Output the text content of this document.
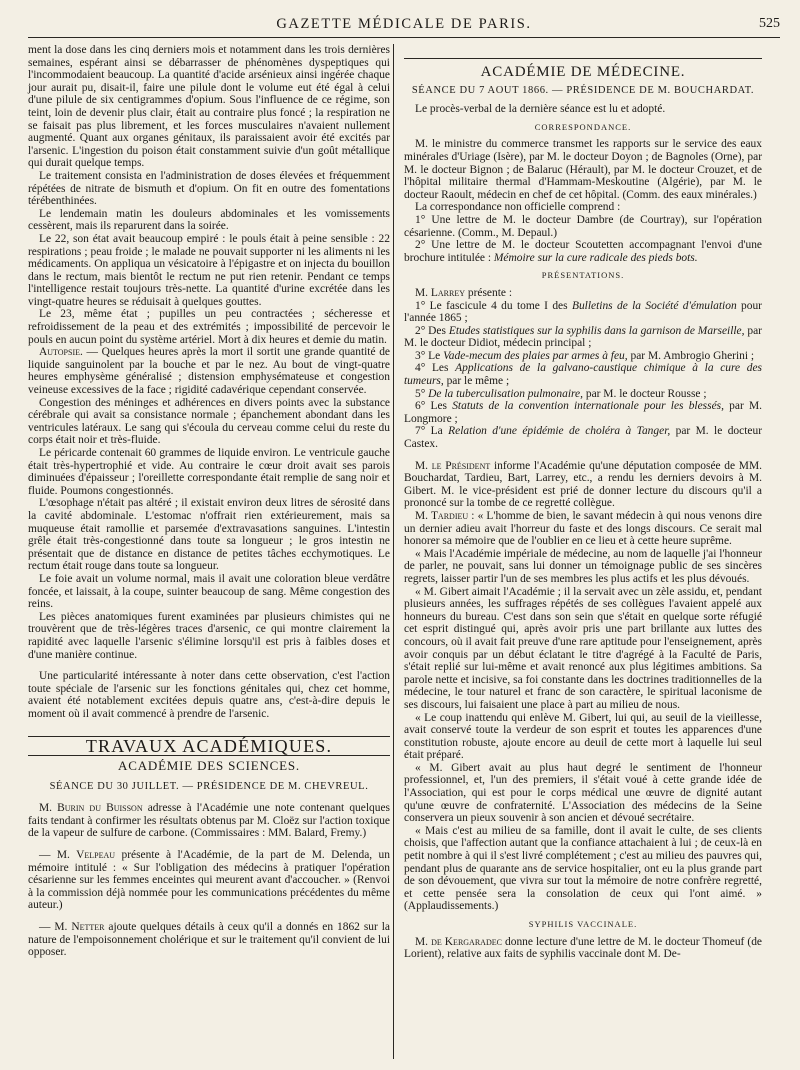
GAZETTE MÉDICALE DE PARIS.	525

ment la dose dans les cinq derniers mois et notamment dans les trois dernières semaines, espérant ainsi se débarrasser de phénomènes dyspeptiques qui l'incommodaient beaucoup. La quantité d'acide arsénieux ainsi ingérée chaque jour aurait pu, disait-il, faire une pilule dont le volume eut été égal à celui d'une pilule de six centigrammes d'opium. Sous l'influence de ce régime, son teint, loin de devenir plus clair, était au contraire plus foncé ; la respiration ne se faisait pas plus librement, et les forces musculaires n'avaient nullement augmenté. Quant aux organes génitaux, ils paraissaient avoir été excités par l'arsenic. L'ingestion du poison était constamment suivie d'un goût métallique qui durait quelque temps.

Le traitement consista en l'administration de doses élevées et fréquemment répétées de nitrate de bismuth et d'opium. On fit en outre des fomentations térébenthinées.

Le lendemain matin les douleurs abdominales et les vomissements cessèrent, mais ils reparurent dans la soirée.

Le 22, son état avait beaucoup empiré : le pouls était à peine sensible : 22 respirations ; peau froide ; le malade ne pouvait supporter ni les aliments ni les médicaments. On appliqua un vésicatoire à l'épigastre et on injecta du bouillon dans le rectum, mais bientôt le rectum ne put rien retenir. Pendant ce temps l'intelligence restait toujours très-nette. La quantité d'urine excrétée dans les vingt-quatre heures se réduisait à quelques gouttes.

Le 23, même état ; pupilles un peu contractées ; sécheresse et refroidissement de la peau et des extrémités ; impossibilité de percevoir le pouls en aucun point du système artériel. Mort à dix heures et demie du matin.

Autopsie. — Quelques heures après la mort il sortit une grande quantité de liquide sanguinolent par la bouche et par le nez. Au bout de vingt-quatre heures emphysème généralisé ; distension emphysémateuse et congestion veineuse excessives de la face ; rigidité cadavérique cependant conservée.

Congestion des méninges et adhérences en divers points avec la substance cérébrale qui avait sa consistance normale ; épanchement abondant dans les ventricules latéraux. Le sang qui s'écoula du cerveau comme celui du reste du corps était noir et très-fluide.

Le péricarde contenait 60 grammes de liquide environ. Le ventricule gauche était très-hypertrophié et vide. Au contraire le cœur droit avait ses parois diminuées d'épaisseur ; l'oreillette correspondante était remplie de sang noir et fluide. Poumons congestionnés.

L'œsophage n'était pas altéré ; il existait environ deux litres de sérosité dans la cavité abdominale. L'estomac n'offrait rien extérieurement, mais sa muqueuse était ramollie et parsemée d'extravasations sanguines. L'intestin grêle était très-congestionné dans toute sa longueur ; le gros intestin ne présentait que de distance en distance de petites tâches ecchymotiques. Le rectum était rouge dans toute sa longueur.

Le foie avait un volume normal, mais il avait une coloration bleue verdâtre foncée, et laissait, à la coupe, suinter beaucoup de sang. Même congestion des reins.

Les pièces anatomiques furent examinées par plusieurs chimistes qui ne trouvèrent que de très-légères traces d'arsenic, ce qui montre clairement la rapidité avec laquelle l'arsenic s'élimine lorsqu'il est pris à faibles doses et d'une manière continue.

Une particularité intéressante à noter dans cette observation, c'est l'action toute spéciale de l'arsenic sur les fonctions génitales qui, chez cet homme, avaient été notablement excitées depuis quatre ans, c'est-à-dire depuis le moment où il avait commencé à prendre de l'arsenic.

TRAVAUX ACADÉMIQUES.
ACADÉMIE DES SCIENCES.
SÉANCE DU 30 JUILLET. — PRÉSIDENCE DE M. CHEVREUL.

M. Burin du Buisson adresse à l'Académie une note contenant quelques faits tendant à confirmer les résultats obtenus par M. Cloëz sur l'action toxique de la vapeur de sulfure de carbone. (Commissaires : MM. Balard, Fremy.)

— M. Velpeau présente à l'Académie, de la part de M. Delenda, un mémoire intitulé : « Sur l'obligation des médecins à pratiquer l'opération césarienne sur les femmes enceintes qui meurent avant d'accoucher. » (Renvoi à la commission déjà nommée pour les communications précédentes du même auteur.)

— M. Netter ajoute quelques détails à ceux qu'il a donnés en 1862 sur la nature de l'empoisonnement cholérique et sur le traitement qu'il convient de lui opposer.

ACADÉMIE DE MÉDECINE.
SÉANCE DU 7 AOUT 1866. — PRÉSIDENCE DE M. BOUCHARDAT.

Le procès-verbal de la dernière séance est lu et adopté.

CORRESPONDANCE.

M. le ministre du commerce transmet les rapports sur le service des eaux minérales d'Uriage (Isère), par M. le docteur Doyon ; de Bagnoles (Orne), par M. le docteur Bignon ; de Balaruc (Hérault), par M. le docteur Crouzet, et de l'hôpital militaire thermal d'Hammam-Meskoutine (Algérie), par M. le docteur Raoult, médecin en chef de cet hôpital. (Comm. des eaux minérales.)

La correspondance non officielle comprend :

1° Une lettre de M. le docteur Dambre (de Courtray), sur l'opération césarienne. (Comm., M. Depaul.)

2° Une lettre de M. le docteur Scoutetten accompagnant l'envoi d'une brochure intitulée : Mémoire sur la cure radicale des pieds bots.

PRÉSENTATIONS.

M. Larrey présente :

1° Le fascicule 4 du tome I des Bulletins de la Société d'émulation pour l'année 1865 ;

2° Des Etudes statistiques sur la syphilis dans la garnison de Marseille, par M. le docteur Didiot, médecin principal ;

3° Le Vade-mecum des plaies par armes à feu, par M. Ambrogio Gherini ;

4° Les Applications de la galvano-caustique chimique à la cure des tumeurs, par le même ;

5° De la tuberculisation pulmonaire, par M. le docteur Rousse ;

6° Les Statuts de la convention internationale pour les blessés, par M. Longmore ;

7° La Relation d'une épidémie de choléra à Tanger, par M. le docteur Castex.

M. le Président informe l'Académie qu'une députation composée de MM. Bouchardat, Tardieu, Bart, Larrey, etc., a rendu les derniers devoirs à M. Gibert. M. le vice-président est prié de donner lecture du discours qu'il a prononcé sur la tombe de ce regretté collègue.

M. Tardieu : « L'homme de bien, le savant médecin à qui nous venons dire un dernier adieu avait l'horreur du faste et des longs discours. Ce serait mal honorer sa mémoire que de l'oublier en ce lieu et à cette heure suprême.

« Mais l'Académie impériale de médecine, au nom de laquelle j'ai l'honneur de parler, ne pouvait, sans lui donner un témoignage public de ses sincères regrets, laisser partir l'un de ses membres les plus actifs et les plus dévoués.

« M. Gibert aimait l'Académie ; il la servait avec un zèle assidu, et, pendant plusieurs années, les suffrages répétés de ses collègues l'avaient appelé aux honneurs du bureau. C'est dans son sein que s'était en quelque sorte réfugié cet esprit distingué qui, après avoir pris une part brillante aux luttes des concours, où il avait fait preuve d'une rare aptitude pour l'enseignement, après avoir conquis par un début éclatant le titre d'agrégé à la Faculté de Paris, s'était replié sur lui-même et avait renoncé aux plus légitimes ambitions. Sa parole nette et incisive, sa foi constante dans les doctrines traditionnelles de la médecine, le tour naturel et franc de son caractère, le spiritual laconisme de ses discours, lui faisaient une place à part au milieu de nous.

« Le coup inattendu qui enlève M. Gibert, lui qui, au seuil de la vieillesse, avait conservé toute la verdeur de son esprit et toutes les apparences d'une constitution robuste, ajoute encore au deuil de cette mort à laquelle lui seul était préparé.

« M. Gibert avait au plus haut degré le sentiment de l'honneur professionnel, et, l'un des premiers, il s'était voué à cette grande idée de l'Association, qui est pour le corps médical une œuvre de dignité autant qu'une œuvre de confraternité. L'Association des médecins de la Seine conservera un pieux souvenir à son ancien et dévoué secrétaire.

« Mais c'est au milieu de sa famille, dont il avait le culte, de ses clients choisis, que l'affection autant que la confiance attachaient à lui ; de ceux-là en petit nombre à qui il s'est livré complétement ; c'est au milieu des pauvres qui, pendant plus de quarante ans de service hospitalier, ont eu la plus grande part de son dévouement, que vivra sur tout la mémoire de notre confrère regretté, et cette pensée sera la consolation de ceux qui l'ont aimé. » (Applaudissements.)

SYPHILIS VACCINALE.

M. de Kergaradec donne lecture d'une lettre de M. le docteur Thomeuf (de Lorient), relative aux faits de syphilis vaccinale dont M. De-
